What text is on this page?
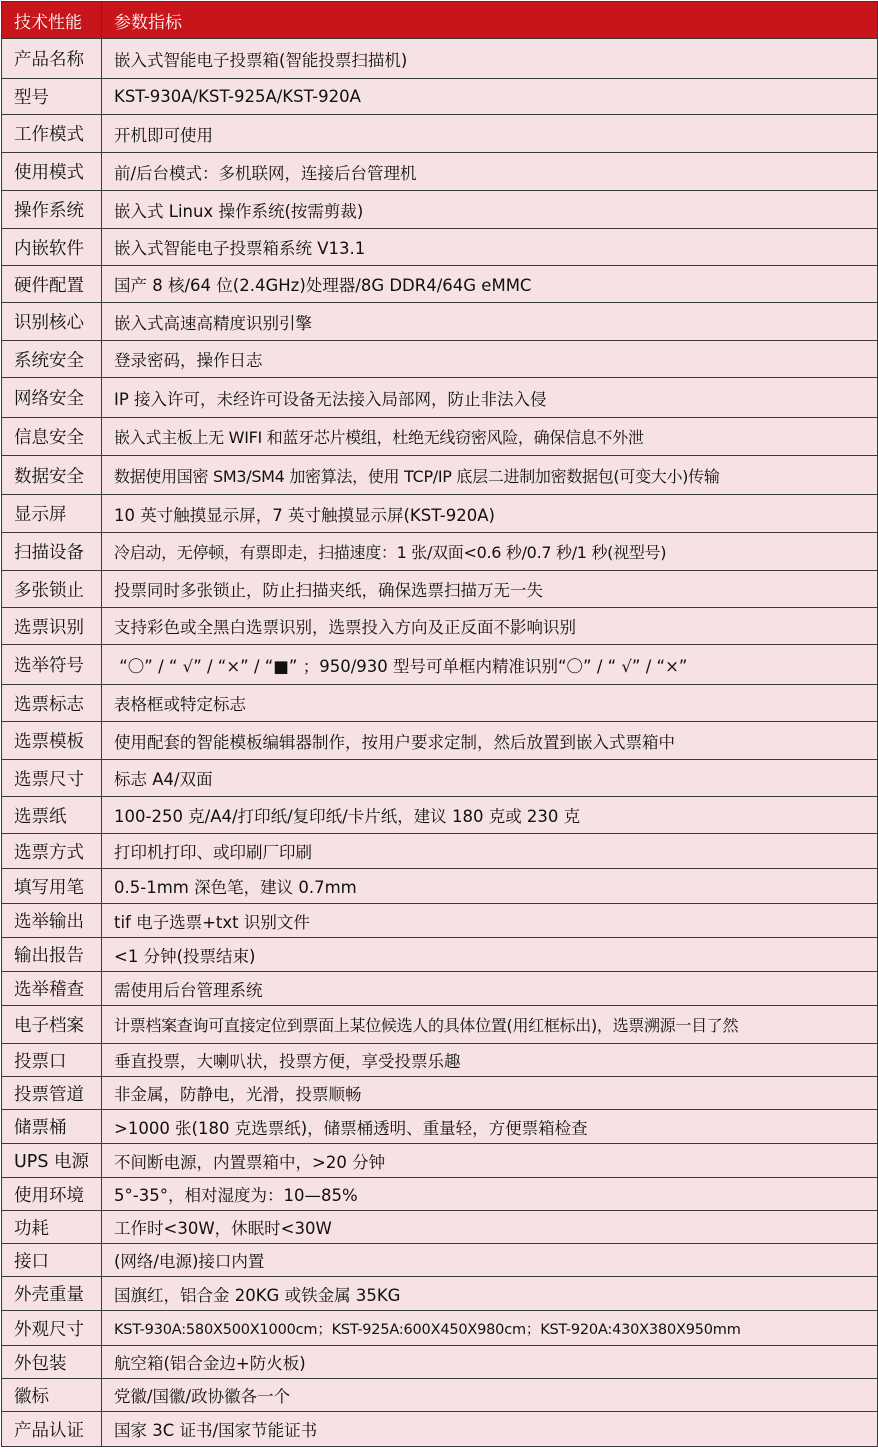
技术性能	参数指标
产品名称	嵌入式智能电子投票箱(智能投票扫描机)
型号	KST-930A/KST-925A/KST-920A
工作模式	开机即可使用
使用模式	前/后台模式：多机联网，连接后台管理机
操作系统	嵌入式 Linux 操作系统(按需剪裁)
内嵌软件	嵌入式智能电子投票箱系统 V13.1
硬件配置	国产 8 核/64 位(2.4GHz)处理器/8G DDR4/64G eMMC
识别核心	嵌入式高速高精度识别引擎
系统安全	登录密码，操作日志
网络安全	IP 接入许可，未经许可设备无法接入局部网，防止非法入侵
信息安全	嵌入式主板上无 WIFI 和蓝牙芯片模组，杜绝无线窃密风险，确保信息不外泄
数据安全	数据使用国密 SM3/SM4 加密算法，使用 TCP/IP 底层二进制加密数据包(可变大小)传输
显示屏	10 英寸触摸显示屏，7 英寸触摸显示屏(KST-920A)
扫描设备	冷启动，无停顿，有票即走，扫描速度：1 张/双面<0.6 秒/0.7 秒/1 秒(视型号)
多张锁止	投票同时多张锁止，防止扫描夹纸，确保选票扫描万无一失
选票识别	支持彩色或全黑白选票识别，选票投入方向及正反面不影响识别
选举符号	“〇” / “ √” / “×” / “■” ；950/930 型号可单框内精准识别“〇” / “ √” / “×”
选票标志	表格框或特定标志
选票模板	使用配套的智能模板编辑器制作，按用户要求定制，然后放置到嵌入式票箱中
选票尺寸	标志 A4/双面
选票纸	100-250 克/A4/打印纸/复印纸/卡片纸，建议 180 克或 230 克
选票方式	打印机打印、或印刷厂印刷
填写用笔	0.5-1mm 深色笔，建议 0.7mm
选举输出	tif 电子选票+txt 识别文件
输出报告	<1 分钟(投票结束)
选举稽查	需使用后台管理系统
电子档案	计票档案查询可直接定位到票面上某位候选人的具体位置(用红框标出)，选票溯源一目了然
投票口	垂直投票，大喇叭状，投票方便，享受投票乐趣
投票管道	非金属，防静电，光滑，投票顺畅
储票桶	>1000 张(180 克选票纸)，储票桶透明、重量轻，方便票箱检查
UPS 电源	不间断电源，内置票箱中，>20 分钟
使用环境	5°-35°，相对湿度为：10—85%
功耗	工作时<30W，休眠时<30W
接口	(网络/电源)接口内置
外壳重量	国旗红，铝合金 20KG 或铁金属 35KG
外观尺寸	KST-930A:580X500X1000cm；KST-925A:600X450X980cm；KST-920A:430X380X950mm
外包装	航空箱(铝合金边+防火板)
徽标	党徽/国徽/政协徽各一个
产品认证	国家 3C 证书/国家节能证书
